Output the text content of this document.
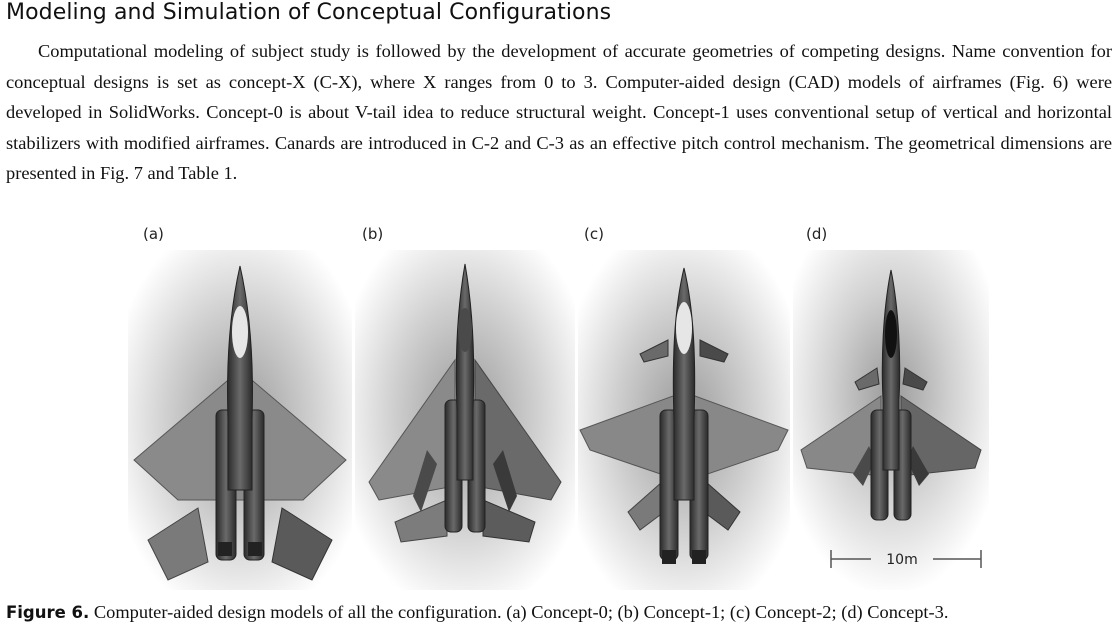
Modeling and Simulation of Conceptual Configurations

Computational modeling of subject study is followed by the development of accurate geometries of competing designs. Name convention for conceptual designs is set as concept-X (C-X), where X ranges from 0 to 3. Computer-aided design (CAD) models of airframes (Fig. 6) were developed in SolidWorks. Concept-0 is about V-tail idea to reduce structural weight. Concept-1 uses conventional setup of vertical and horizontal stabilizers with modified airframes. Canards are introduced in C-2 and C-3 as an effective pitch control mechanism. The geometrical dimensions are presented in Fig. 7 and Table 1.

(a)	(b)	(c)	(d)
10m
Figure 6. Computer-aided design models of all the configuration. (a) Concept-0; (b) Concept-1; (c) Concept-2; (d) Concept-3.
